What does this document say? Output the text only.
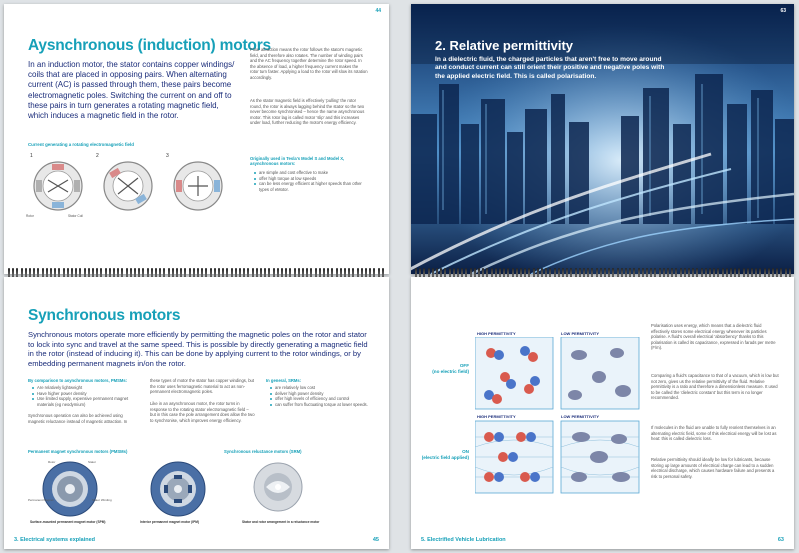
44
Aysnchronous (induction) motors
In an induction motor, the stator contains copper windings/ coils that are placed in opposing pairs. When alternating current (AC) is passed through them, these pairs become electromagnetic poles. Switching the current on and off to these pairs in turn generates a rotating magnetic field, which induces a magnetic field in the rotor.
Current generating a rotating electromagnetic field
1	2	3
Rotor	Stator Coil
Polar attraction means the rotor follows the stator's magnetic field, and therefore also rotates. The number of winding pairs and the AC frequency together determine the rotor speed. In the absence of load, a higher frequency current makes the rotor turn faster. Applying a load to the rotor will slow its rotation accordingly.
As the stator magnetic field is effectively 'pulling' the rotor round, the rotor is always lagging behind the stator so the two never become synchronised – hence the name asynchronous motor. This rotor lag is called motor 'slip' and this increases under load, further reducing the motor's energy efficiency.
Originally used in Tesla's Model S and Model X, asynchronous motors:
are simple and cost effective to make
offer high torque at low speeds
can be less energy efficient at higher speeds than other types of eMotor.
63
2. Relative permittivity
In a dielectric fluid, the charged particles that aren't free to move around and conduct current can still orient their positive and negative poles with the applied electric field. This is called polarisation.
Synchronous motors
Synchronous motors operate more efficiently by permitting the magnetic poles on the rotor and stator to lock into sync and travel at the same speed. This is possible by directly generating a magnetic field in the rotor (instead of inducing it). This can be done by applying current to the rotor windings, or by embedding permanent magnets in/on the rotor.
By comparison to asynchronous motors, PMSMs:
Are relatively lightweight
Have higher power density
Use limited supply, expensive permanent magnet materials (eg neodymium)
Synchronous operation can also be achieved using magnetic reluctance instead of magnetic attraction. In
these types of motor the stator has copper windings, but the rotor uses ferromagnetic material to act as non-permanent electromagnetic poles.
Like in an asynchronous motor, the rotor turns in response to the rotating stator electromagnetic field – but in this case the pole arrangement does allow the two to synchronise, which improves energy efficiency.
In general, SRMs:
are relatively low cost
deliver high power density
offer high levels of efficiency and control
can suffer from fluctuating torque at lower speeds.
Permanent magnet synchronous motors (PMSMs)	Synchronous reluctance motors (SRM)
Permanent Magnet	Stator Winding
Rotor	Stator
Surface-mounted permanent magnet motor (SPM)	Interior permanent magnet motor (IPM)	Stator and rotor arrangement in a reluctance motor
3. Electrical systems explained	45
HIGH PERMITTIVITY	LOW PERMITTIVITY
HIGH PERMITTIVITY	LOW PERMITTIVITY
OFF
(no electric field)
ON
(electric field applied)
Polarisation uses energy, which means that a dielectric fluid effectively stores some electrical energy whenever its particles polarise. A fluid's overall electrical 'absorbency' thanks to this polarisation is called its capacitance, expressed in farads per metre (F/m).
Comparing a fluid's capacitance to that of a vacuum, which is low but not zero, gives us the relative permittivity of the fluid. Relative permittivity is a ratio and therefore a dimensionless measure. It used to be called the 'dielectric constant' but this term is no longer recommended.
If molecules in the fluid are unable to fully reorient themselves in an alternating electric field, some of this electrical energy will be lost as heat: this is called dielectric loss.
Relative permittivity should ideally be low for lubricants, because storing up large amounts of electrical charge can lead to a sudden electrical discharge, which causes hardware failure and presents a risk to personal safety.
5. Electrified Vehicle Lubrication	63
